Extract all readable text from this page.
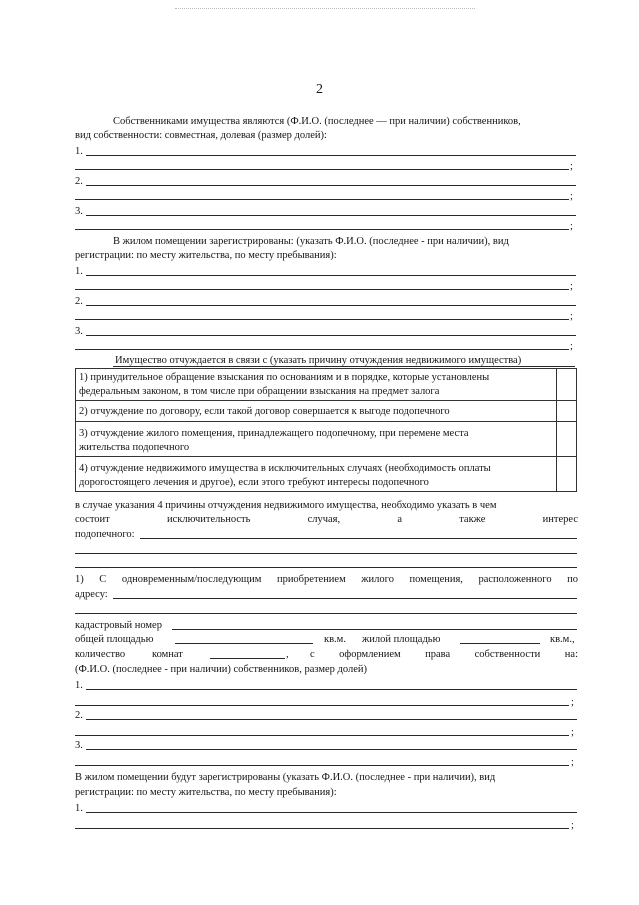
2
Собственниками имущества являются (Ф.И.О. (последнее — при наличии) собственников,
вид собственности: совместная, долевая (размер долей):
1.
;
2.
;
3.
;
В жилом помещении зарегистрированы: (указать Ф.И.О. (последнее - при наличии), вид
регистрации: по месту жительства, по месту пребывания):
1.
;
2.
;
3.
;
Имущество отчуждается в связи с (указать причину отчуждения недвижимого имущества)
1) принудительное обращение взыскания по основаниям и в порядке, которые установлены
федеральным законом, в том числе при обращении взыскания на предмет залога
2) отчуждение по договору, если такой договор совершается к выгоде подопечного
3) отчуждение жилого помещения, принадлежащего подопечному, при перемене места
жительства подопечного
4) отчуждение недвижимого имущества в исключительных случаях (необходимость оплаты
дорогостоящего лечения и другое), если этого требуют интересы подопечного
в случае указания 4 причины отчуждения недвижимого имущества, необходимо указать в чем
состоит	исключительность	случая,	а	также	интерес
подопечного:
1) С одновременным/последующим приобретением жилого помещения, расположенного по
адресу:
кадастровый номер
общей площадью	кв.м. жилой площадью	кв.м.,
количество	комнат	, с оформлением права собственности на:
(Ф.И.О. (последнее - при наличии) собственников, размер долей)
1.
;
2.
;
3.
;
В жилом помещении будут зарегистрированы (указать Ф.И.О. (последнее - при наличии), вид
регистрации: по месту жительства, по месту пребывания):
1.
;
